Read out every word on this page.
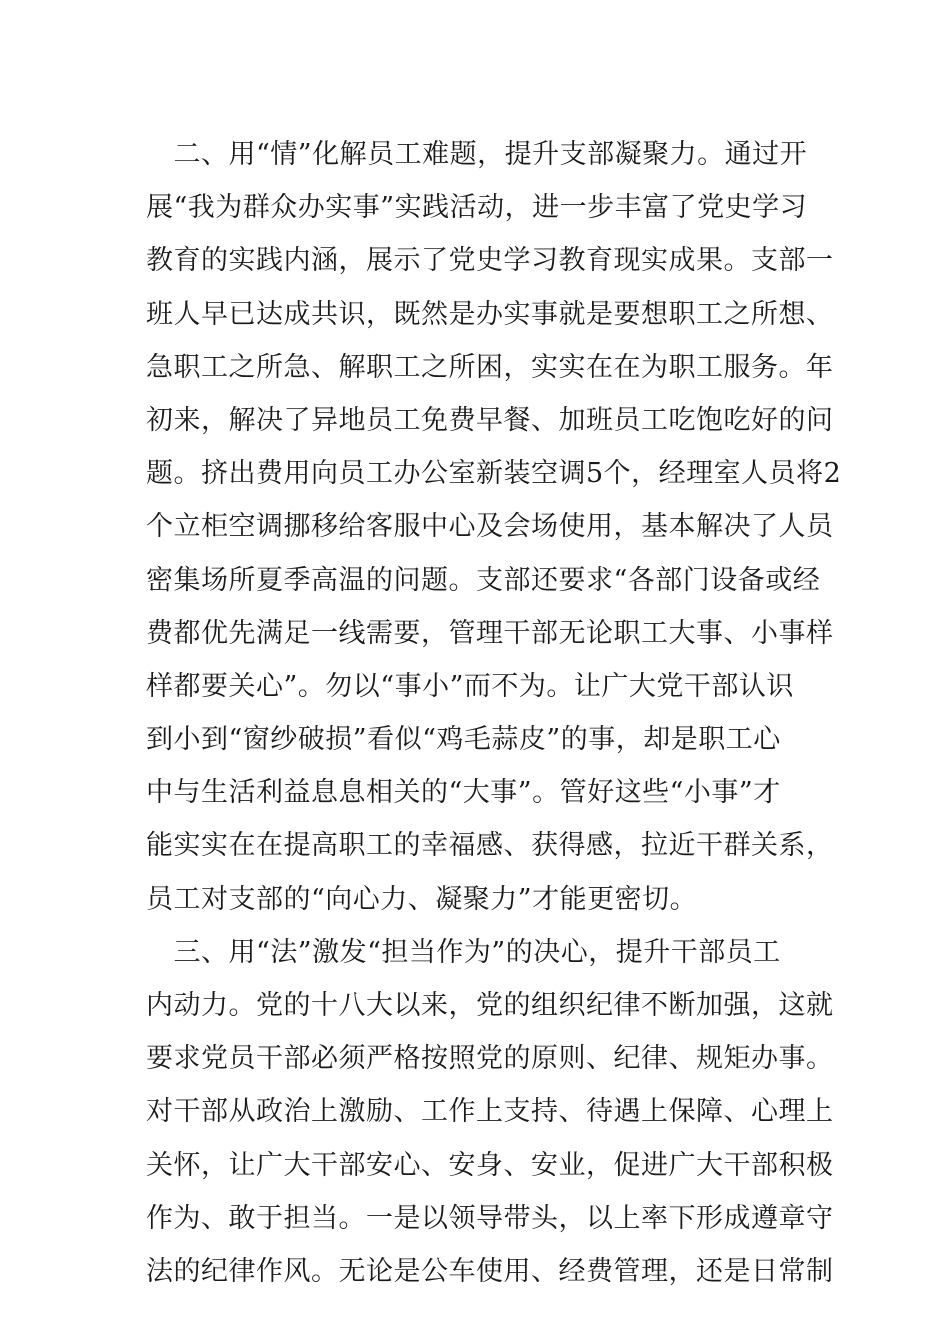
　二、用“情”化解员工难题，提升支部凝聚力。通过开
展“我为群众办实事”实践活动，进一步丰富了党史学习
教育的实践内涵，展示了党史学习教育现实成果。支部一
班人早已达成共识，既然是办实事就是要想职工之所想、
急职工之所急、解职工之所困，实实在在为职工服务。年
初来，解决了异地员工免费早餐、加班员工吃饱吃好的问
题。挤出费用向员工办公室新装空调5个，经理室人员将2
个立柜空调挪移给客服中心及会场使用，基本解决了人员
密集场所夏季高温的问题。支部还要求“各部门设备或经
费都优先满足一线需要，管理干部无论职工大事、小事样
样都要关心”。勿以“事小”而不为。让广大党干部认识
到小到“窗纱破损”看似“鸡毛蒜皮”的事，却是职工心
中与生活利益息息相关的“大事”。管好这些“小事”才
能实实在在提高职工的幸福感、获得感，拉近干群关系，
员工对支部的“向心力、凝聚力”才能更密切。
　三、用“法”激发“担当作为”的决心，提升干部员工
内动力。党的十八大以来，党的组织纪律不断加强，这就
要求党员干部必须严格按照党的原则、纪律、规矩办事。
对干部从政治上激励、工作上支持、待遇上保障、心理上
关怀，让广大干部安心、安身、安业，促进广大干部积极
作为、敢于担当。一是以领导带头，以上率下形成遵章守
法的纪律作风。无论是公车使用、经费管理，还是日常制
